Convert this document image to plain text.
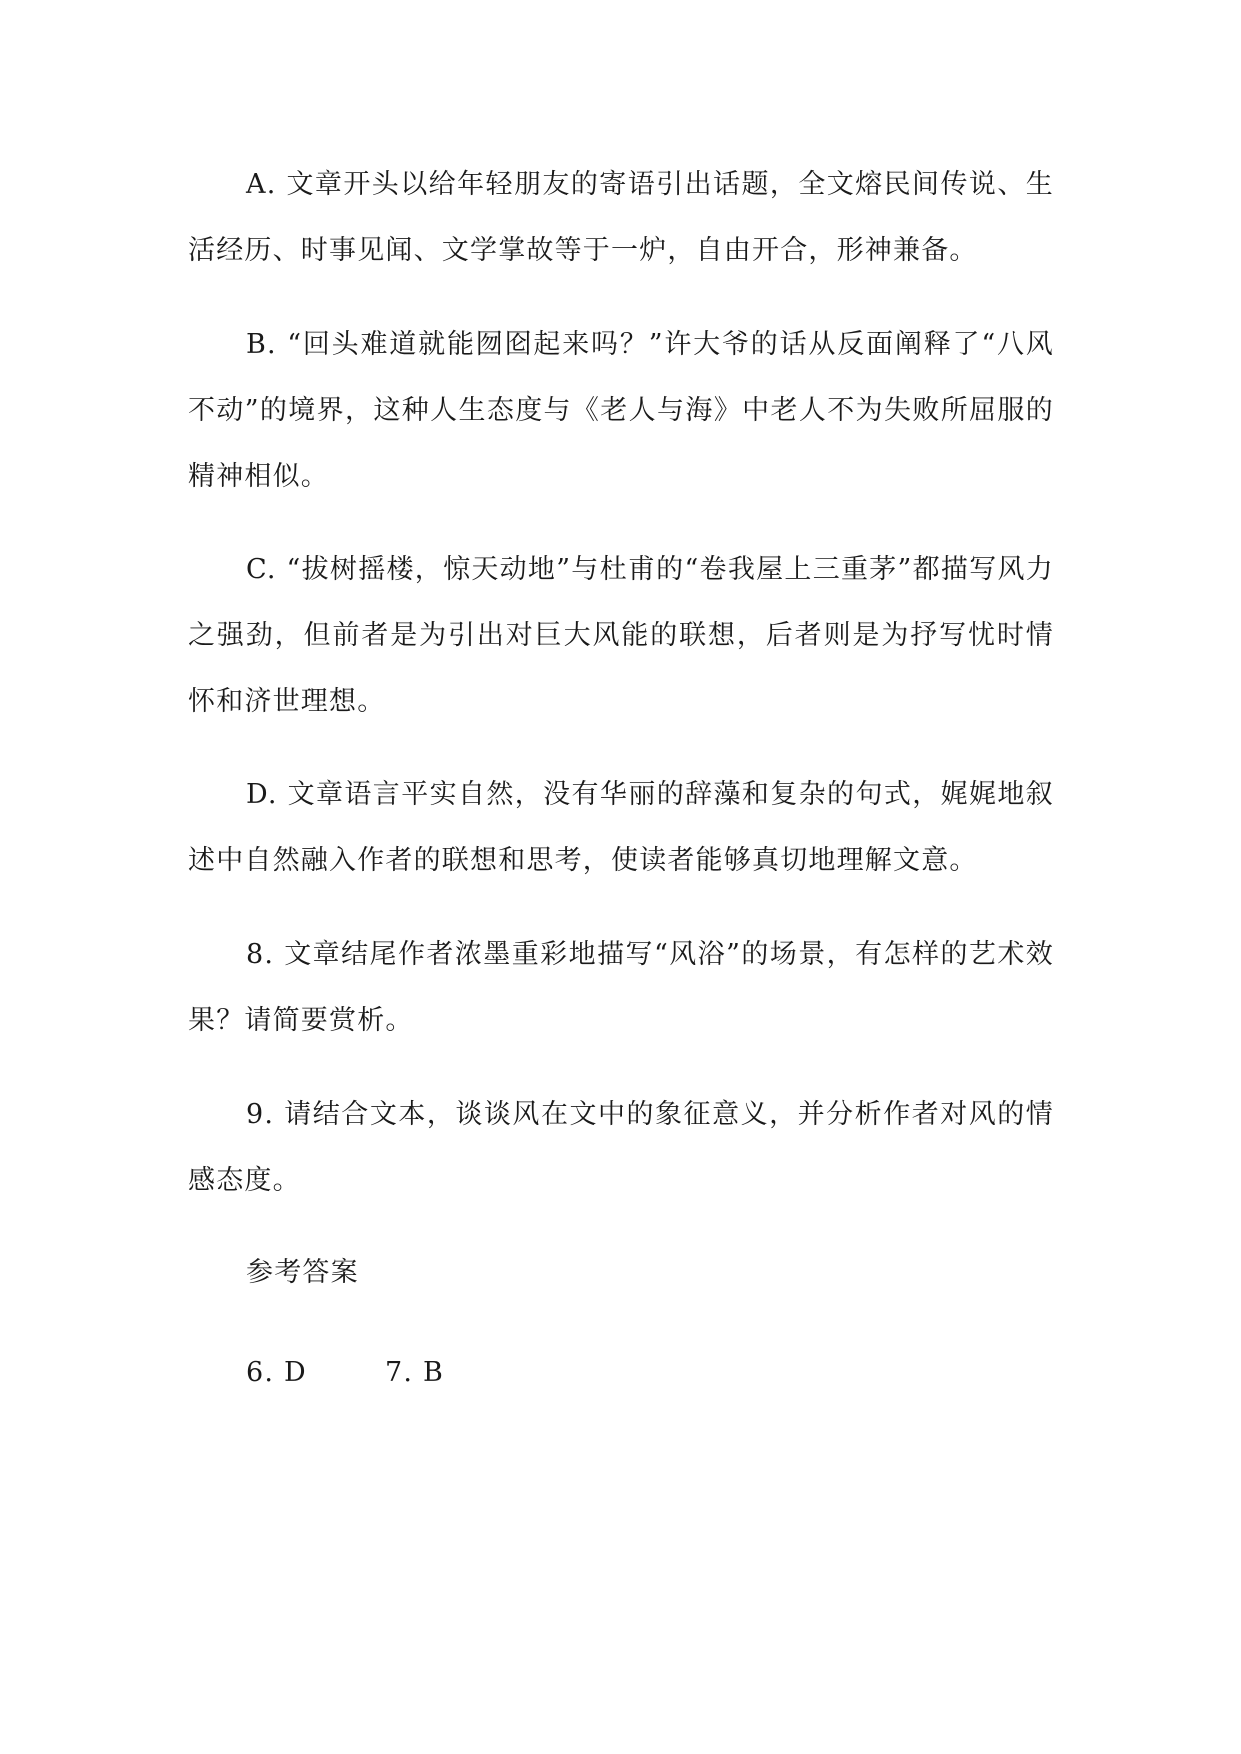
A. 文章开头以给年轻朋友的寄语引出话题，全文熔民间传说、生活经历、时事见闻、文学掌故等于一炉，自由开合，形神兼备。

B. “回头难道就能囫囵起来吗？”许大爷的话从反面阐释了“八风不动”的境界，这种人生态度与《老人与海》中老人不为失败所屈服的精神相似。

C. “拔树摇楼，惊天动地”与杜甫的“卷我屋上三重茅”都描写风力之强劲，但前者是为引出对巨大风能的联想，后者则是为抒写忧时情怀和济世理想。

D. 文章语言平实自然，没有华丽的辞藻和复杂的句式，娓娓地叙述中自然融入作者的联想和思考，使读者能够真切地理解文意。

8. 文章结尾作者浓墨重彩地描写“风浴”的场景，有怎样的艺术效果？请简要赏析。

9. 请结合文本，谈谈风在文中的象征意义，并分析作者对风的情感态度。

参考答案

6. D        7. B
